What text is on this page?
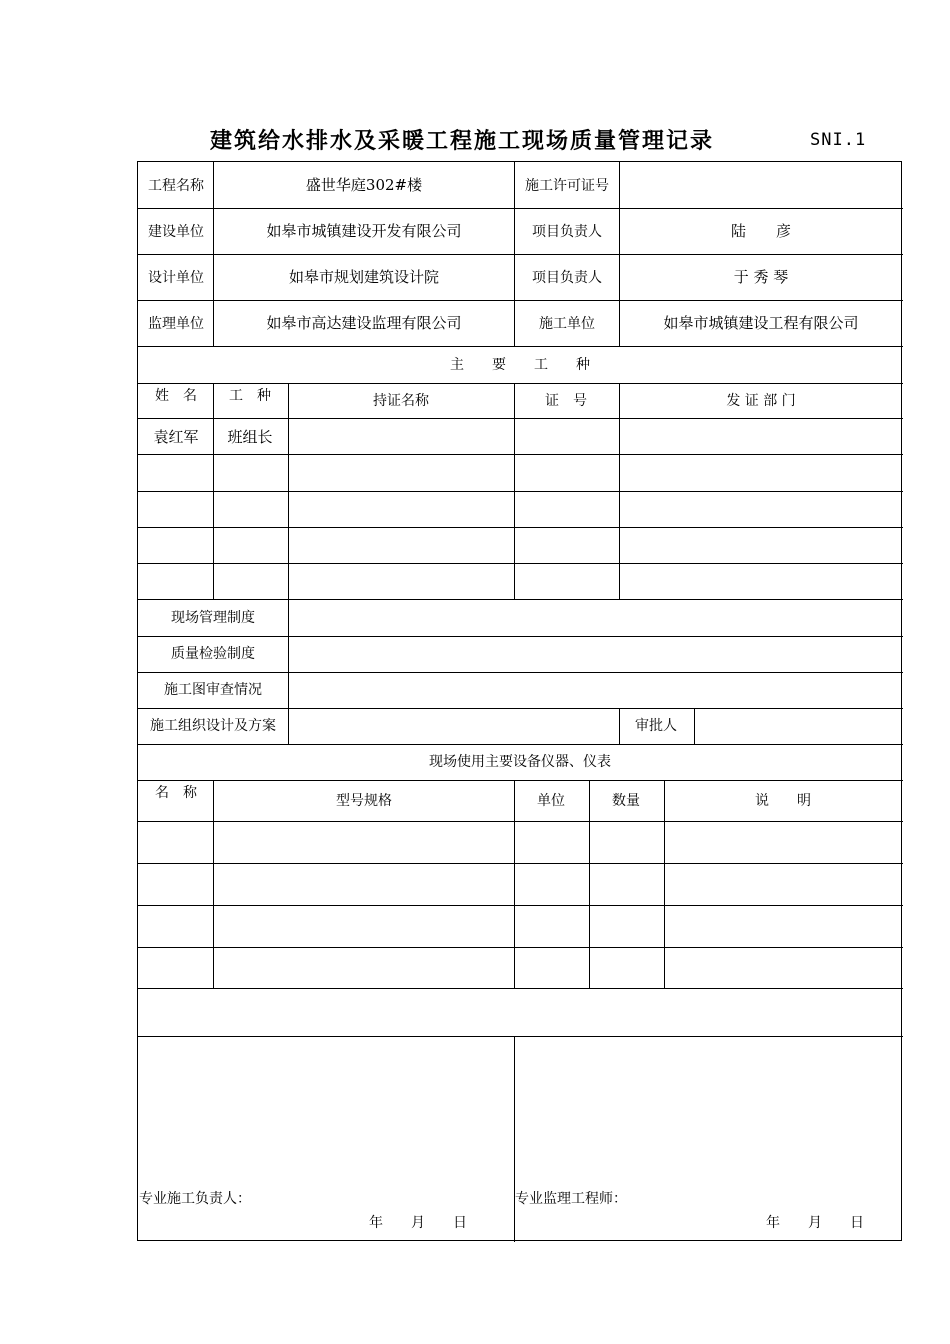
建筑给水排水及采暖工程施工现场质量管理记录	SNI.1
工程名称	盛世华庭302#楼	施工许可证号
建设单位	如皋市城镇建设开发有限公司	项目负责人	陆　　彦
设计单位	如皋市规划建筑设计院	项目负责人	于 秀 琴
监理单位	如皋市高达建设监理有限公司	施工单位	如皋市城镇建设工程有限公司
主　　要　　工　　种
姓　名 工　种	持证名称	证　号	发 证 部 门
袁红军 班组长
现场管理制度
质量检验制度
施工图审查情况
施工组织设计及方案	审批人
现场使用主要设备仪器、仪表
名　称	型号规格	单位	数量	说　　明
专业施工负责人：
年　　月　　日
专业监理工程师：
年　　月　　日
